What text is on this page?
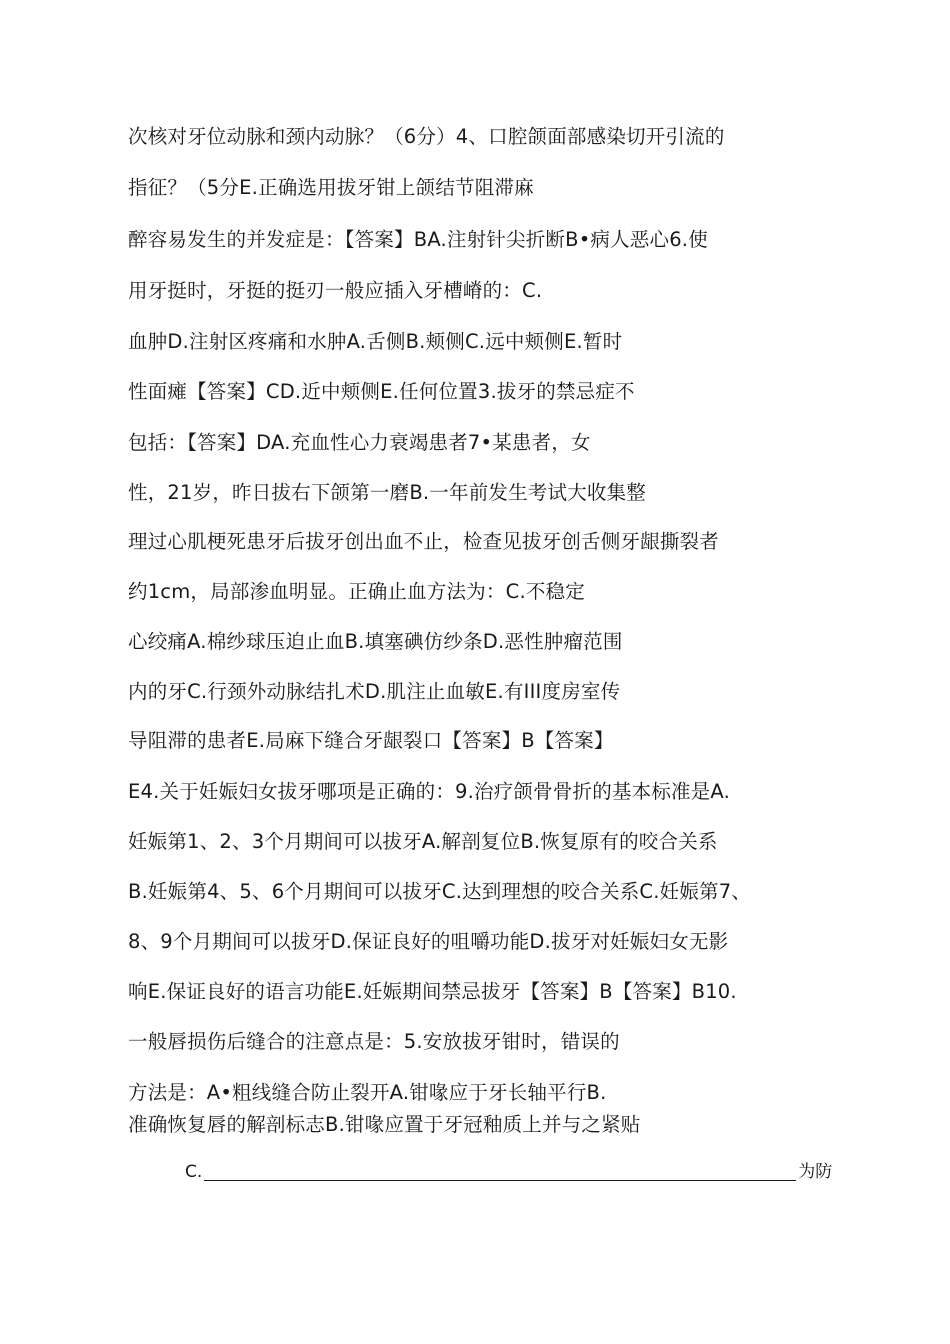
次核对牙位动脉和颈内动脉？（6分）4、口腔颌面部感染切开引流的
指征？（5分E.正确选用拔牙钳上颌结节阻滞麻
醉容易发生的并发症是：【答案】BA.注射针尖折断B•病人恶心6.使
用牙挺时，牙挺的挺刃一般应插入牙槽嵴的：C.
血肿D.注射区疼痛和水肿A.舌侧B.颊侧C.远中颊侧E.暂时
性面瘫【答案】CD.近中颊侧E.任何位置3.拔牙的禁忌症不
包括：【答案】DA.充血性心力衰竭患者7•某患者，女
性，21岁，昨日拔右下颌第一磨B.一年前发生考试大收集整
理过心肌梗死患牙后拔牙创出血不止，检查见拔牙创舌侧牙龈撕裂者
约1cm，局部渗血明显。正确止血方法为：C.不稳定
心绞痛A.棉纱球压迫止血B.填塞碘仿纱条D.恶性肿瘤范围
内的牙C.行颈外动脉结扎术D.肌注止血敏E.有III度房室传
导阻滞的患者E.局麻下缝合牙龈裂口【答案】B【答案】
E4.关于妊娠妇女拔牙哪项是正确的：9.治疗颌骨骨折的基本标准是A.
妊娠第1、2、3个月期间可以拔牙A.解剖复位B.恢复原有的咬合关系
B.妊娠第4、5、6个月期间可以拔牙C.达到理想的咬合关系C.妊娠第7、
8、9个月期间可以拔牙D.保证良好的咀嚼功能D.拔牙对妊娠妇女无影
响E.保证良好的语言功能E.妊娠期间禁忌拔牙【答案】B【答案】B10.
一般唇损伤后缝合的注意点是：5.安放拔牙钳时，错误的
方法是：A•粗线缝合防止裂开A.钳喙应于牙长轴平行B.
准确恢复唇的解剖标志B.钳喙应置于牙冠釉质上并与之紧贴
C.	为防
